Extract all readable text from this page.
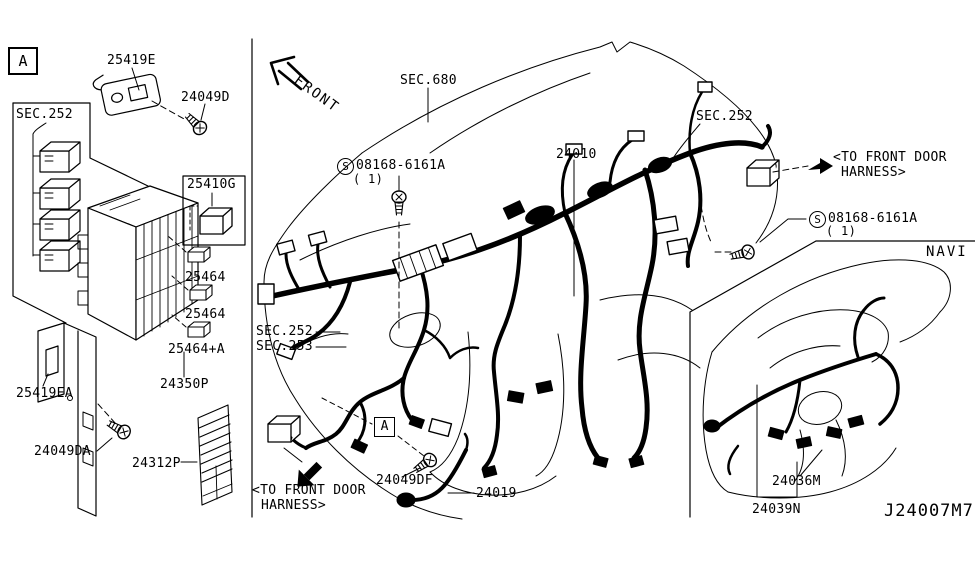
A	25419E
24049D
SEC.252
25410G
25464
25464
25464+A
24350P
25419EA
24049DA
24312P
FRONT	SEC.680
S 08168-6161A
( 1)
24010
SEC.252
<TO FRONT DOOR
HARNESS>
S 08168-6161A
( 1)
NAVI
SEC.252
SEC.253
A
<TO FRONT DOOR
HARNESS>
24049DF
24019
24036M
24039N	J24007M7
